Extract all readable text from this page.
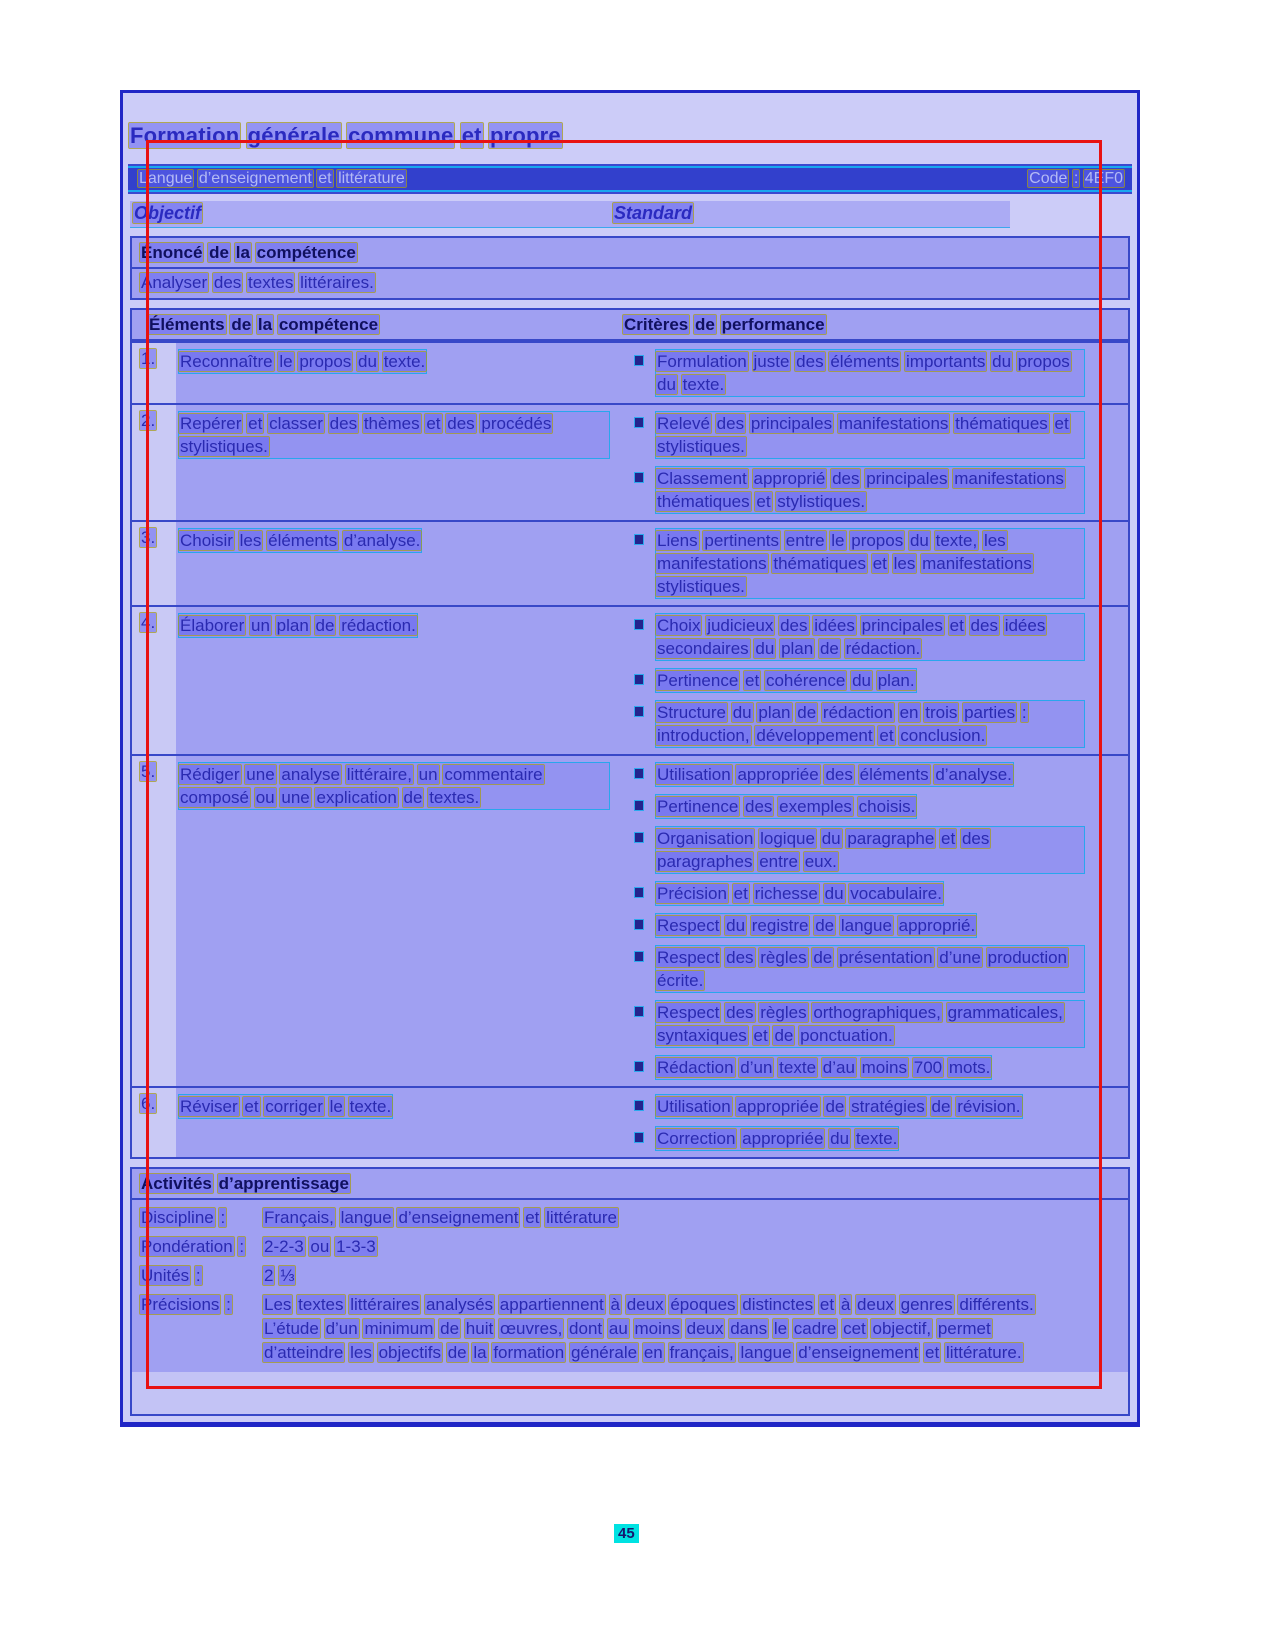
Formation générale commune et propre
Langue d’enseignement et littérature	Code : 4EF0
Objectif	Standard
Énoncé de la compétence
Analyser des textes littéraires.
Éléments de la compétence	Critères de performance
1.	Reconnaître le propos du texte.	Formulation juste des éléments importants du propos du texte.

2.	Repérer et classer des thèmes et des procédés stylistiques.

Relevé des principales manifestations thématiques et stylistiques.

Classement approprié des principales manifestations thématiques et stylistiques.

3.	Choisir les éléments d’analyse.	Liens pertinents entre le propos du texte, les manifestations thématiques et les manifestations stylistiques.

4.	Élaborer un plan de rédaction.	Choix judicieux des idées principales et des idées secondaires du plan de rédaction.

Pertinence et cohérence du plan.

Structure du plan de rédaction en trois parties : introduction, développement et conclusion.

5.	Rédiger une analyse littéraire, un commentaire composé ou une explication de textes.

Utilisation appropriée des éléments d’analyse.

Pertinence des exemples choisis.

Organisation logique du paragraphe et des paragraphes entre eux.

Précision et richesse du vocabulaire.

Respect du registre de langue approprié.

Respect des règles de présentation d’une production écrite.

Respect des règles orthographiques, grammaticales, syntaxiques et de ponctuation.

Rédaction d’un texte d’au moins 700 mots.

6.	Réviser et corriger le texte.	Utilisation appropriée de stratégies de révision.

Correction appropriée du texte.

Activités d’apprentissage
Discipline :	Français, langue d’enseignement et littérature
Pondération :	2-2-3 ou 1-3-3
Unités :	2 ⅓
Précisions :	Les textes littéraires analysés appartiennent à deux époques distinctes et à deux genres différents.

L’étude d’un minimum de huit œuvres, dont au moins deux dans le cadre cet objectif, permet d’atteindre les objectifs de la formation générale en français, langue d’enseignement et littérature.

45
